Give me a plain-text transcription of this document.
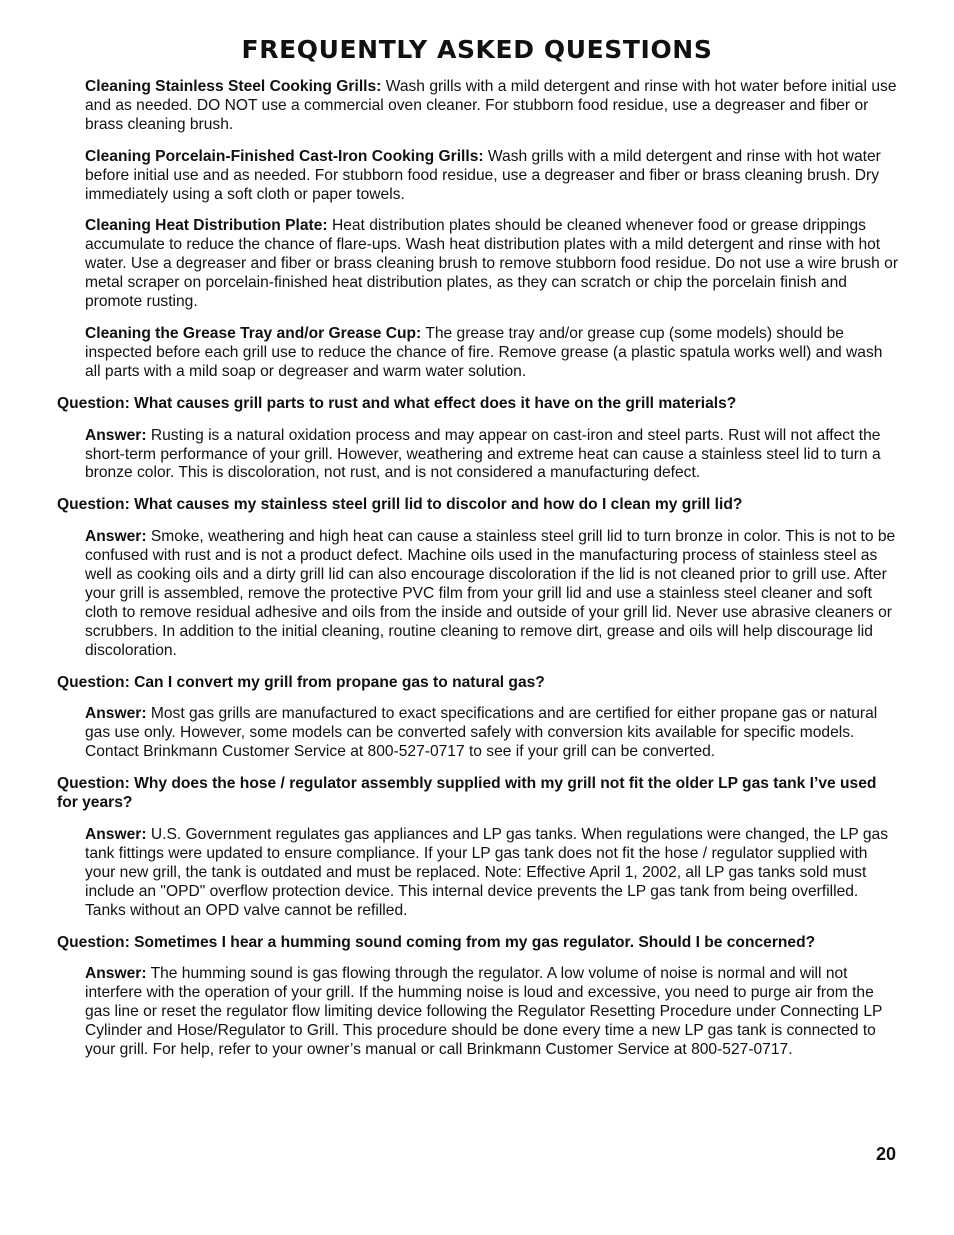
FREQUENTLY ASKED QUESTIONS

Cleaning Stainless Steel Cooking Grills: Wash grills with a mild detergent and rinse with hot water before initial use and as needed. DO NOT use a commercial oven cleaner. For stubborn food residue, use a degreaser and fiber or brass cleaning brush.

Cleaning Porcelain-Finished Cast-Iron Cooking Grills: Wash grills with a mild detergent and rinse with hot water before initial use and as needed. For stubborn food residue, use a degreaser and fiber or brass cleaning brush. Dry immediately using a soft cloth or paper towels.

Cleaning Heat Distribution Plate: Heat distribution plates should be cleaned whenever food or grease drippings accumulate to reduce the chance of flare-ups. Wash heat distribution plates with a mild detergent and rinse with hot water. Use a degreaser and fiber or brass cleaning brush to remove stubborn food residue. Do not use a wire brush or metal scraper on porcelain-finished heat distribution plates, as they can scratch or chip the porcelain finish and promote rusting.

Cleaning the Grease Tray and/or Grease Cup: The grease tray and/or grease cup (some models) should be inspected before each grill use to reduce the chance of fire. Remove grease (a plastic spatula works well) and wash all parts with a mild soap or degreaser and warm water solution.

Question: What causes grill parts to rust and what effect does it have on the grill materials?

Answer: Rusting is a natural oxidation process and may appear on cast-iron and steel parts. Rust will not affect the short-term performance of your grill. However, weathering and extreme heat can cause a stainless steel lid to turn a bronze color. This is discoloration, not rust, and is not considered a manufacturing defect.

Question: What causes my stainless steel grill lid to discolor and how do I clean my grill lid?

Answer: Smoke, weathering and high heat can cause a stainless steel grill lid to turn bronze in color. This is not to be confused with rust and is not a product defect. Machine oils used in the manufacturing process of stainless steel as well as cooking oils and a dirty grill lid can also encourage discoloration if the lid is not cleaned prior to grill use. After your grill is assembled, remove the protective PVC film from your grill lid and use a stainless steel cleaner and soft cloth to remove residual adhesive and oils from the inside and outside of your grill lid. Never use abrasive cleaners or scrubbers. In addition to the initial cleaning, routine cleaning to remove dirt, grease and oils will help discourage lid discoloration.

Question: Can I convert my grill from propane gas to natural gas?

Answer: Most gas grills are manufactured to exact specifications and are certified for either propane gas or natural gas use only. However, some models can be converted safely with conversion kits available for specific models. Contact Brinkmann Customer Service at 800-527-0717 to see if your grill can be converted.

Question: Why does the hose / regulator assembly supplied with my grill not fit the older LP gas tank I’ve used for years?

Answer: U.S. Government regulates gas appliances and LP gas tanks. When regulations were changed, the LP gas tank fittings were updated to ensure compliance. If your LP gas tank does not fit the hose / regulator supplied with your new grill, the tank is outdated and must be replaced. Note: Effective April 1, 2002, all LP gas tanks sold must include an "OPD" overflow protection device. This internal device prevents the LP gas tank from being overfilled. Tanks without an OPD valve cannot be refilled.

Question: Sometimes I hear a humming sound coming from my gas regulator. Should I be concerned?

Answer: The humming sound is gas flowing through the regulator. A low volume of noise is normal and will not interfere with the operation of your grill. If the humming noise is loud and excessive, you need to purge air from the gas line or reset the regulator flow limiting device following the Regulator Resetting Procedure under Connecting LP Cylinder and Hose/Regulator to Grill. This procedure should be done every time a new LP gas tank is connected to your grill. For help, refer to your owner’s manual or call Brinkmann Customer Service at 800-527-0717.

20
